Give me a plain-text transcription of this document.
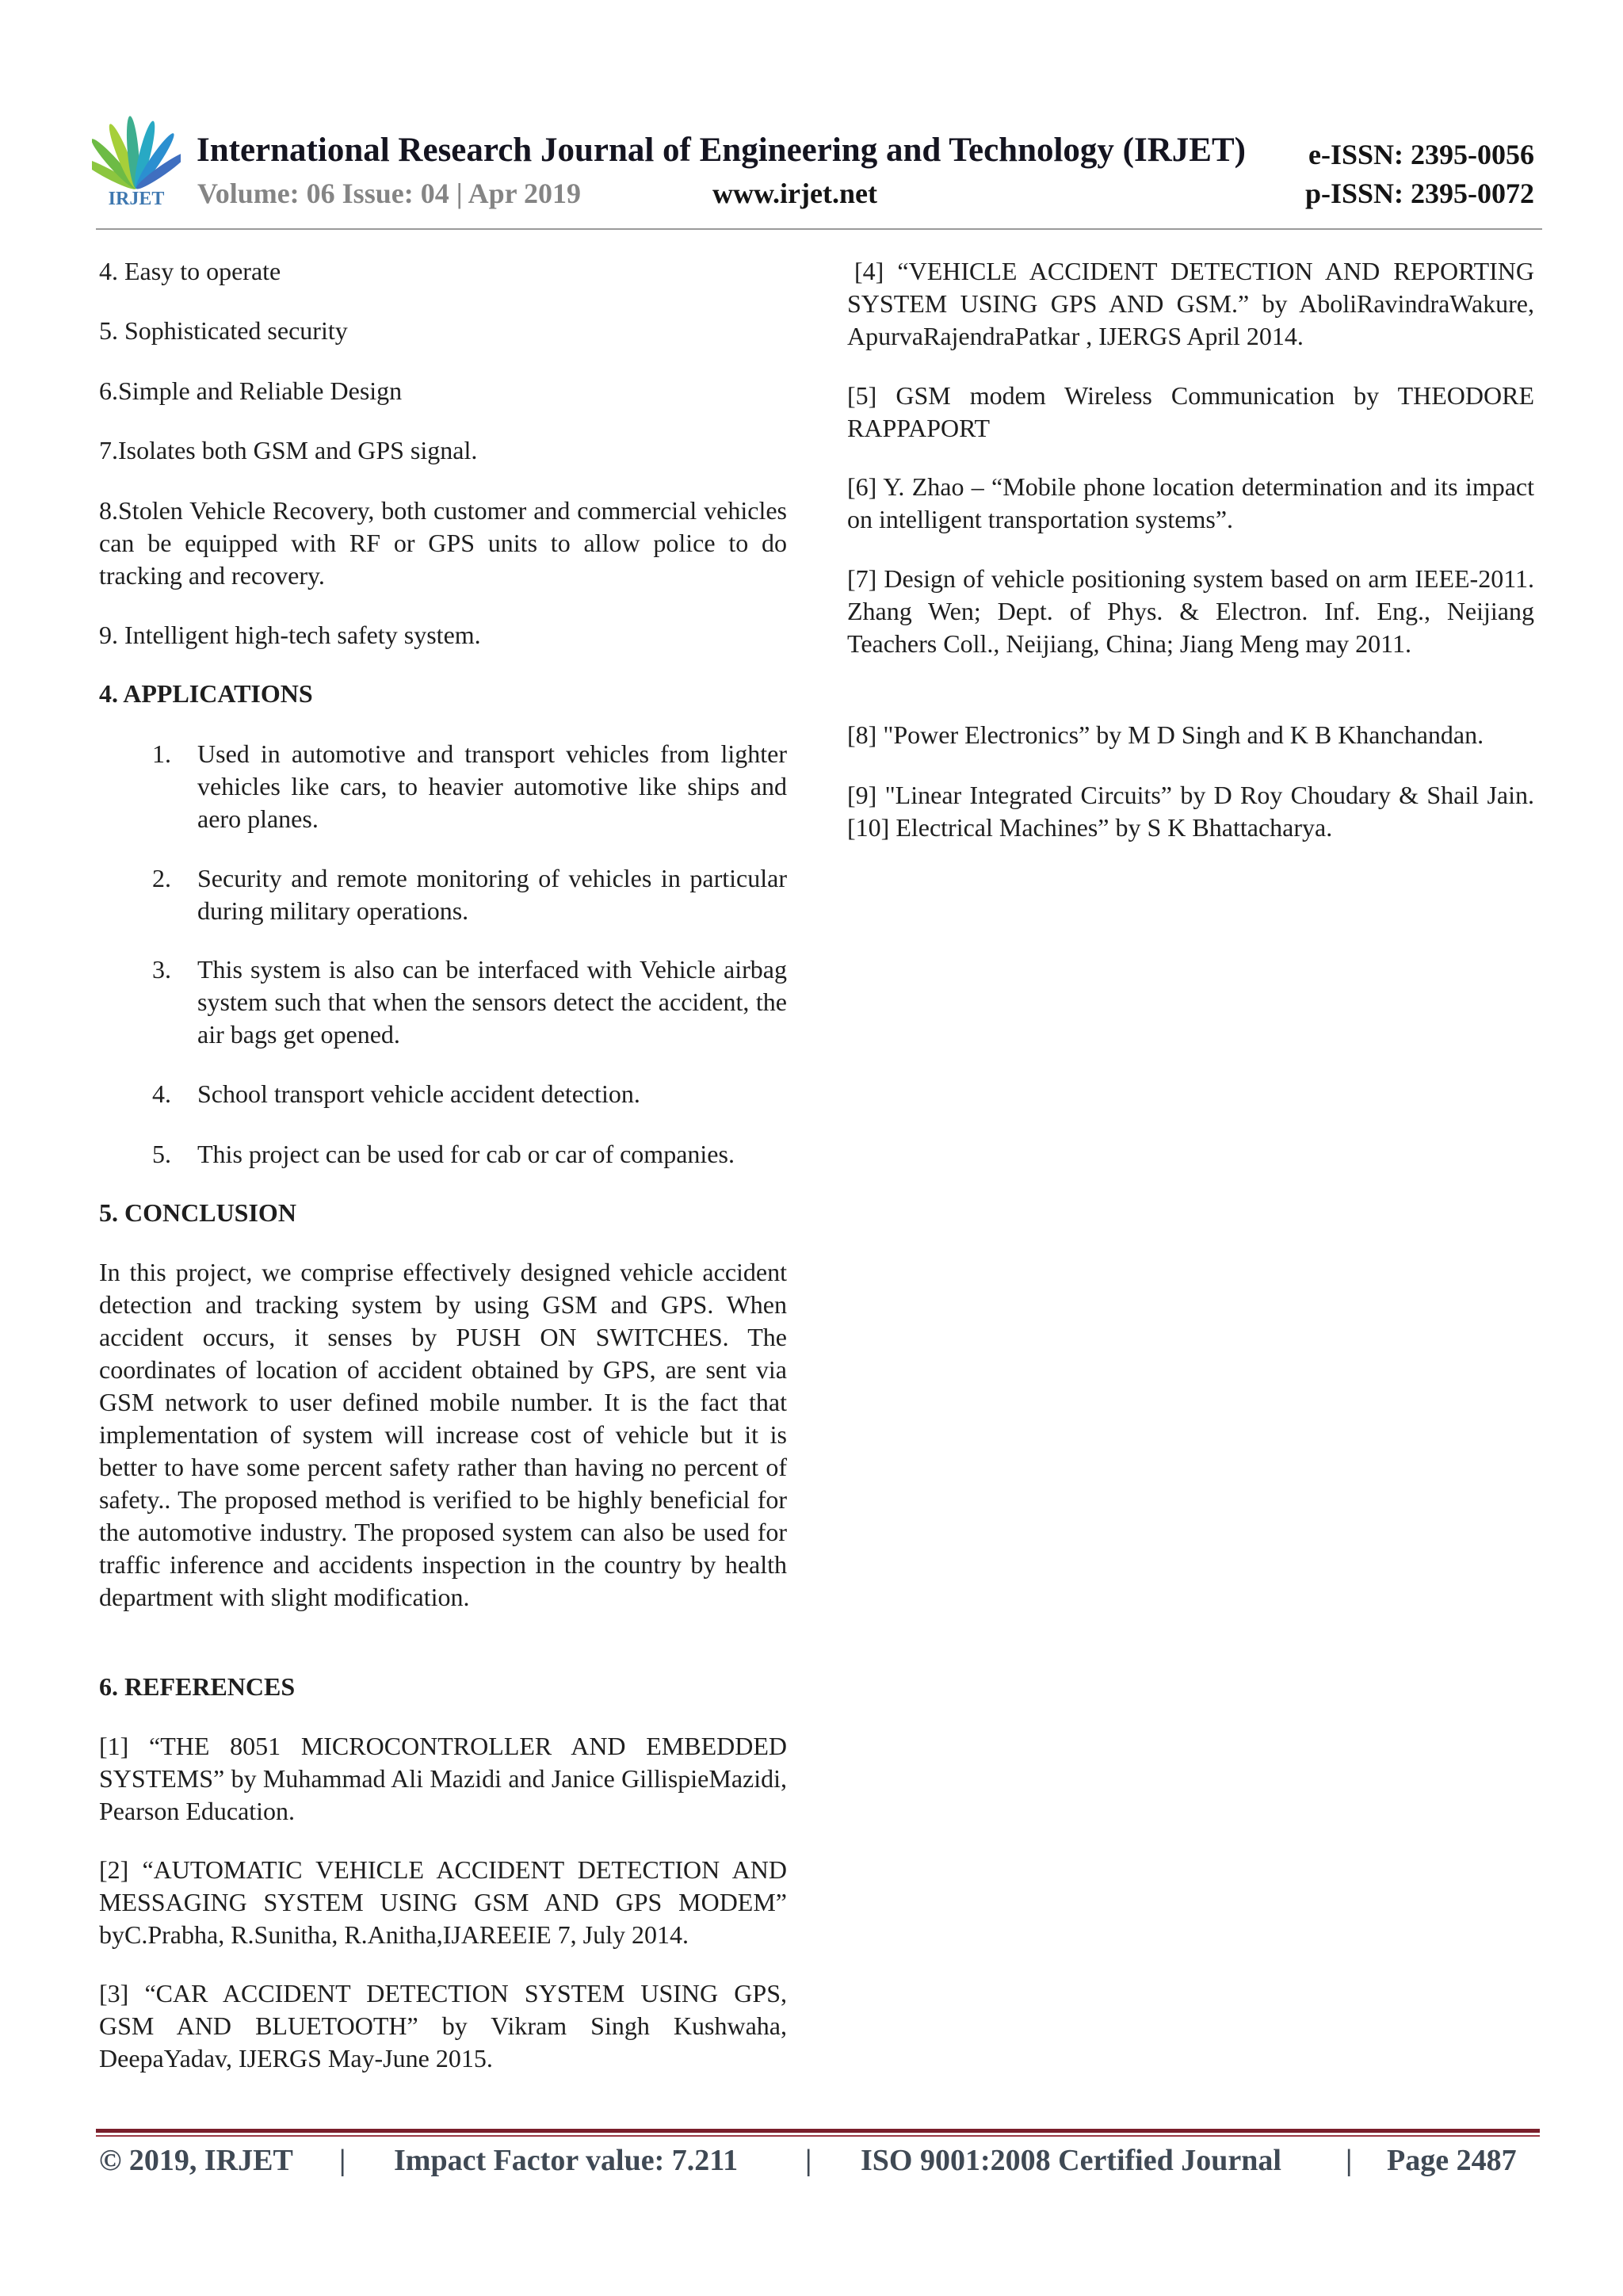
IRJET

International Research Journal of Engineering and Technology (IRJET) e-ISSN: 2395-0056

Volume: 06 Issue: 04 | Apr 2019	www.irjet.net	p-ISSN: 2395-0072

4. Easy to operate

5. Sophisticated security

6.Simple and Reliable Design

7.Isolates both GSM and GPS signal.

8.Stolen Vehicle Recovery, both customer and commercial vehicles can be equipped with RF or GPS units to allow police to do tracking and recovery.

9. Intelligent high-tech safety system.

4. APPLICATIONS

1. Used in automotive and transport vehicles from lighter vehicles like cars, to heavier automotive like ships and aero planes.

2. Security and remote monitoring of vehicles in particular during military operations.

3. This system is also can be interfaced with Vehicle airbag system such that when the sensors detect the accident, the air bags get opened.

4. School transport vehicle accident detection.

5. This project can be used for cab or car of companies.

5. CONCLUSION

In this project, we comprise effectively designed vehicle accident detection and tracking system by using GSM and GPS. When accident occurs, it senses by PUSH ON SWITCHES. The coordinates of location of accident obtained by GPS, are sent via GSM network to user defined mobile number. It is the fact that implementation of system will increase cost of vehicle but it is better to have some percent safety rather than having no percent of safety.. The proposed method is verified to be highly beneficial for the automotive industry. The proposed system can also be used for traffic inference and accidents inspection in the country by health department with slight modification.

6. REFERENCES

[1] “THE 8051 MICROCONTROLLER AND EMBEDDED SYSTEMS” by Muhammad Ali Mazidi and Janice GillispieMazidi, Pearson Education.

[2] “AUTOMATIC VEHICLE ACCIDENT DETECTION AND MESSAGING SYSTEM USING GSM AND GPS MODEM” byC.Prabha, R.Sunitha, R.Anitha,IJAREEIE 7, July 2014.

[3] “CAR ACCIDENT DETECTION SYSTEM USING GPS, GSM AND BLUETOOTH” by Vikram Singh Kushwaha, DeepaYadav, IJERGS May-June 2015.

[4] “VEHICLE ACCIDENT DETECTION AND REPORTING SYSTEM USING GPS AND GSM.” by AboliRavindraWakure, ApurvaRajendraPatkar , IJERGS April 2014.

[5] GSM modem Wireless Communication by THEODORE RAPPAPORT

[6] Y. Zhao – “Mobile phone location determination and its impact on intelligent transportation systems”.

[7] Design of vehicle positioning system based on arm IEEE-2011. Zhang Wen; Dept. of Phys. & Electron. Inf. Eng., Neijiang Teachers Coll., Neijiang, China; Jiang Meng may 2011.

[8] "Power Electronics” by M D Singh and K B Khanchandan.

[9] "Linear Integrated Circuits” by D Roy Choudary & Shail Jain. [10] Electrical Machines” by S K Bhattacharya.

© 2019, IRJET | Impact Factor value: 7.211 | ISO 9001:2008 Certified Journal | Page 2487
